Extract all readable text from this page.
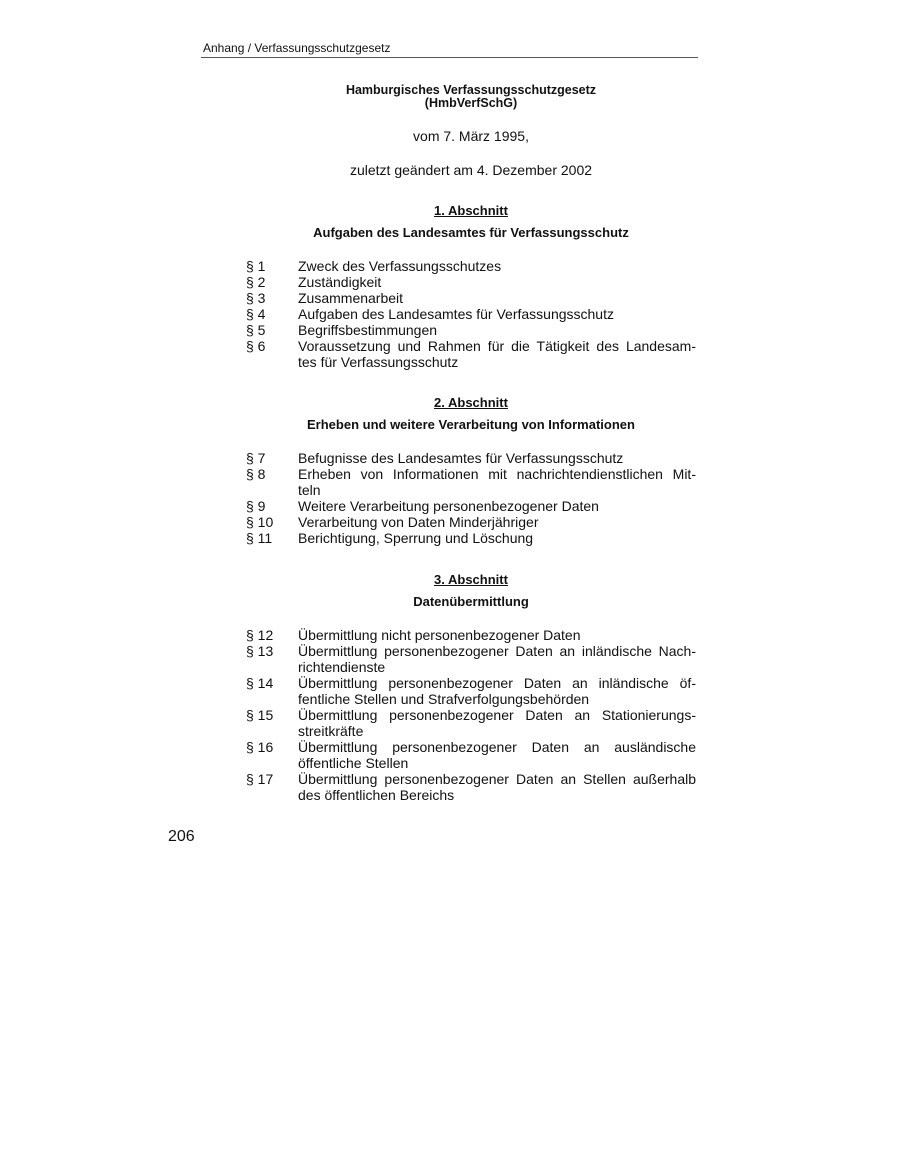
Anhang / Verfassungsschutzgesetz
Hamburgisches Verfassungsschutzgesetz
(HmbVerfSchG)
vom 7. März 1995,
zuletzt geändert am 4. Dezember 2002
1. Abschnitt
Aufgaben des Landesamtes für Verfassungsschutz
§ 1	Zweck des Verfassungsschutzes
§ 2	Zuständigkeit
§ 3	Zusammenarbeit
§ 4	Aufgaben des Landesamtes für Verfassungsschutz
§ 5	Begriffsbestimmungen
§ 6	Voraussetzung und Rahmen für die Tätigkeit des Landesam-
tes für Verfassungsschutz
2. Abschnitt
Erheben und weitere Verarbeitung von Informationen
§ 7	Befugnisse des Landesamtes für Verfassungsschutz
§ 8	Erheben von Informationen mit nachrichtendienstlichen Mit-
teln
§ 9	Weitere Verarbeitung personenbezogener Daten
§ 10	Verarbeitung von Daten Minderjähriger
§ 11	Berichtigung, Sperrung und Löschung
3. Abschnitt
Datenübermittlung
§ 12	Übermittlung nicht personenbezogener Daten
§ 13	Übermittlung personenbezogener Daten an inländische Nach-
richtendienste
§ 14	Übermittlung personenbezogener Daten an inländische öf-
fentliche Stellen und Strafverfolgungsbehörden
§ 15	Übermittlung personenbezogener Daten an Stationierungs-
streitkräfte
§ 16	Übermittlung personenbezogener Daten an ausländische
öffentliche Stellen
§ 17	Übermittlung personenbezogener Daten an Stellen außerhalb
des öffentlichen Bereichs
206
